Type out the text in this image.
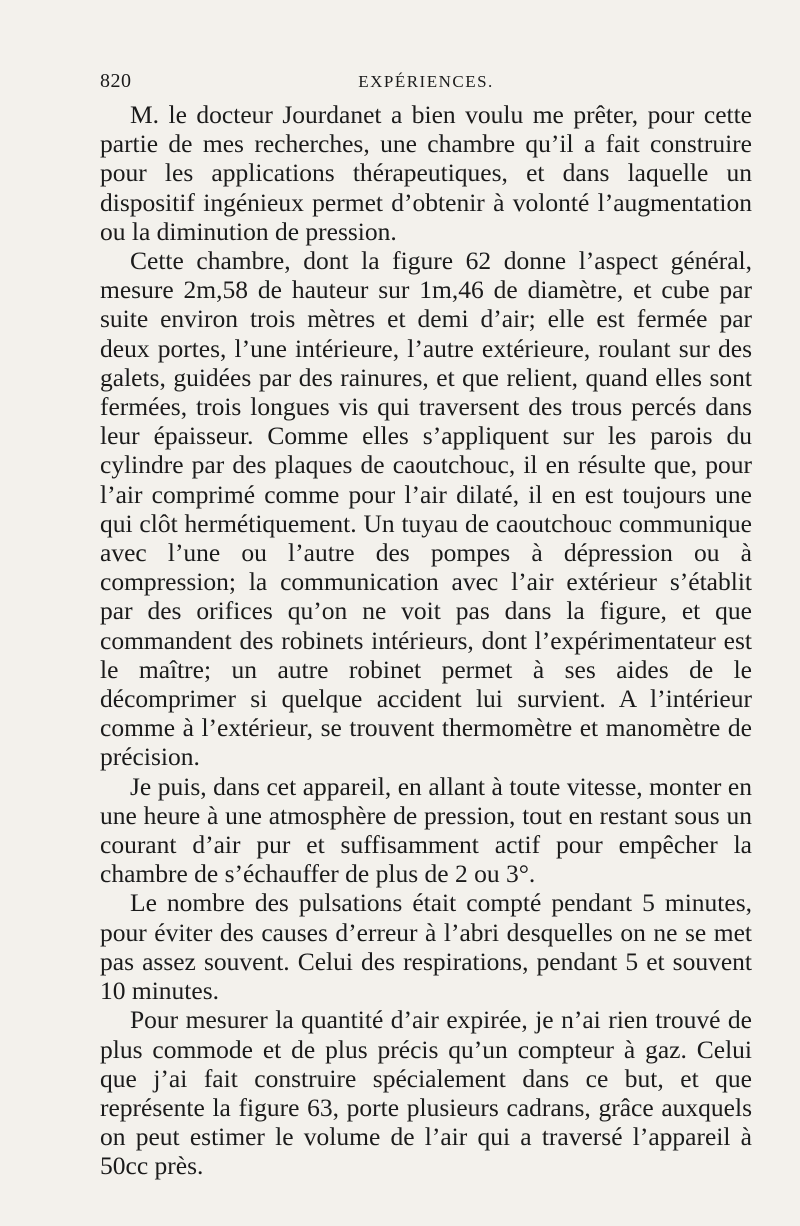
820	EXPÉRIENCES.

M. le docteur Jourdanet a bien voulu me prêter, pour cette partie de mes recherches, une chambre qu’il a fait construire pour les applications thérapeutiques, et dans laquelle un dispositif ingénieux permet d’obtenir à volonté l’augmentation ou la diminution de pression.

Cette chambre, dont la figure 62 donne l’aspect général, mesure 2m,58 de hauteur sur 1m,46 de diamètre, et cube par suite environ trois mètres et demi d’air; elle est fermée par deux portes, l’une intérieure, l’autre extérieure, roulant sur des galets, guidées par des rainures, et que relient, quand elles sont fermées, trois longues vis qui traversent des trous percés dans leur épaisseur. Comme elles s’appliquent sur les parois du cylindre par des plaques de caoutchouc, il en résulte que, pour l’air comprimé comme pour l’air dilaté, il en est toujours une qui clôt hermétiquement. Un tuyau de caoutchouc communique avec l’une ou l’autre des pompes à dépression ou à compression; la communication avec l’air extérieur s’établit par des orifices qu’on ne voit pas dans la figure, et que commandent des robinets intérieurs, dont l’expérimentateur est le maître; un autre robinet permet à ses aides de le décomprimer si quelque accident lui survient. A l’intérieur comme à l’extérieur, se trouvent thermomètre et manomètre de précision.

Je puis, dans cet appareil, en allant à toute vitesse, monter en une heure à une atmosphère de pression, tout en restant sous un courant d’air pur et suffisamment actif pour empêcher la chambre de s’échauffer de plus de 2 ou 3°.

Le nombre des pulsations était compté pendant 5 minutes, pour éviter des causes d’erreur à l’abri desquelles on ne se met pas assez souvent. Celui des respirations, pendant 5 et souvent 10 minutes.

Pour mesurer la quantité d’air expirée, je n’ai rien trouvé de plus commode et de plus précis qu’un compteur à gaz. Celui que j’ai fait construire spécialement dans ce but, et que représente la figure 63, porte plusieurs cadrans, grâce auxquels on peut estimer le volume de l’air qui a traversé l’appareil à 50cc près.
